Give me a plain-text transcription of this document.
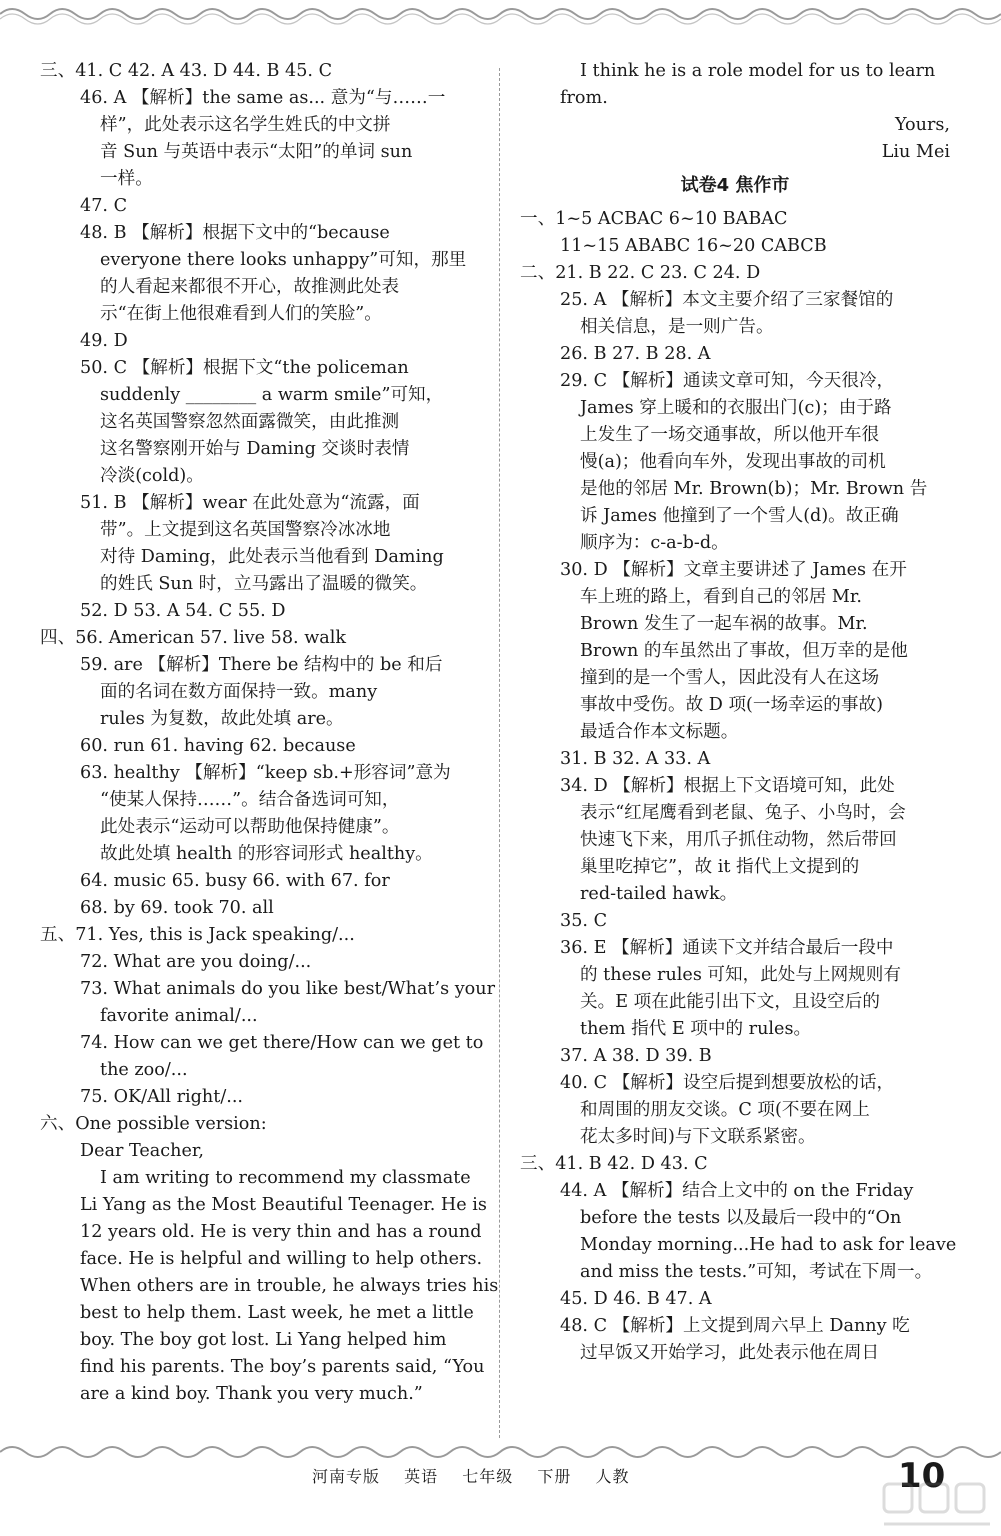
三、41. C 42. A 43. D 44. B 45. C
46. A 【解析】the same as... 意为“与……一
样”，此处表示这名学生姓氏的中文拼
音 Sun 与英语中表示“太阳”的单词 sun
一样。
47. C
48. B 【解析】根据下文中的“because
everyone there looks unhappy”可知，那里
的人看起来都很不开心，故推测此处表
示“在街上他很难看到人们的笑脸”。
49. D
50. C 【解析】根据下文“the policeman
suddenly ________ a warm smile”可知，
这名英国警察忽然面露微笑，由此推测
这名警察刚开始与 Daming 交谈时表情
冷淡(cold)。
51. B 【解析】wear 在此处意为“流露，面
带”。上文提到这名英国警察冷冰冰地
对待 Daming，此处表示当他看到 Daming
的姓氏 Sun 时，立马露出了温暖的微笑。
52. D 53. A 54. C 55. D
四、56. American 57. live 58. walk
59. are 【解析】There be 结构中的 be 和后
面的名词在数方面保持一致。many
rules 为复数，故此处填 are。
60. run 61. having 62. because
63. healthy 【解析】“keep sb.+形容词”意为
“使某人保持……”。结合备选词可知，
此处表示“运动可以帮助他保持健康”。
故此处填 health 的形容词形式 healthy。
64. music 65. busy 66. with 67. for
68. by 69. took 70. all
五、71. Yes, this is Jack speaking/...
72. What are you doing/...
73. What animals do you like best/What’s your
favorite animal/...
74. How can we get there/How can we get to
the zoo/...
75. OK/All right/...
六、One possible version:
Dear Teacher,
I am writing to recommend my classmate
Li Yang as the Most Beautiful Teenager. He is
12 years old. He is very thin and has a round
face. He is helpful and willing to help others.
When others are in trouble, he always tries his
best to help them. Last week, he met a little
boy. The boy got lost. Li Yang helped him
find his parents. The boy’s parents said, “You
are a kind boy. Thank you very much.”
I think he is a role model for us to learn
from.
Yours,
Liu Mei
试卷4 焦作市
一、1~5 ACBAC 6~10 BABAC
11~15 ABABC 16~20 CABCB
二、21. B 22. C 23. C 24. D
25. A 【解析】本文主要介绍了三家餐馆的
相关信息，是一则广告。
26. B 27. B 28. A
29. C 【解析】通读文章可知，今天很冷，
James 穿上暖和的衣服出门(c)；由于路
上发生了一场交通事故，所以他开车很
慢(a)；他看向车外，发现出事故的司机
是他的邻居 Mr. Brown(b)；Mr. Brown 告
诉 James 他撞到了一个雪人(d)。故正确
顺序为：c-a-b-d。
30. D 【解析】文章主要讲述了 James 在开
车上班的路上，看到自己的邻居 Mr.
Brown 发生了一起车祸的故事。Mr.
Brown 的车虽然出了事故，但万幸的是他
撞到的是一个雪人，因此没有人在这场
事故中受伤。故 D 项(一场幸运的事故)
最适合作本文标题。
31. B 32. A 33. A
34. D 【解析】根据上下文语境可知，此处
表示“红尾鹰看到老鼠、兔子、小鸟时，会
快速飞下来，用爪子抓住动物，然后带回
巢里吃掉它”，故 it 指代上文提到的
red-tailed hawk。
35. C
36. E 【解析】通读下文并结合最后一段中
的 these rules 可知，此处与上网规则有
关。E 项在此能引出下文，且设空后的
them 指代 E 项中的 rules。
37. A 38. D 39. B
40. C 【解析】设空后提到想要放松的话，
和周围的朋友交谈。C 项(不要在网上
花太多时间)与下文联系紧密。
三、41. B 42. D 43. C
44. A 【解析】结合上文中的 on the Friday
before the tests 以及最后一段中的“On
Monday morning...He had to ask for leave
and miss the tests.”可知，考试在下周一。
45. D 46. B 47. A
48. C 【解析】上文提到周六早上 Danny 吃
过早饭又开始学习，此处表示他在周日
河南专版 英语 七年级 下册 人教	10
